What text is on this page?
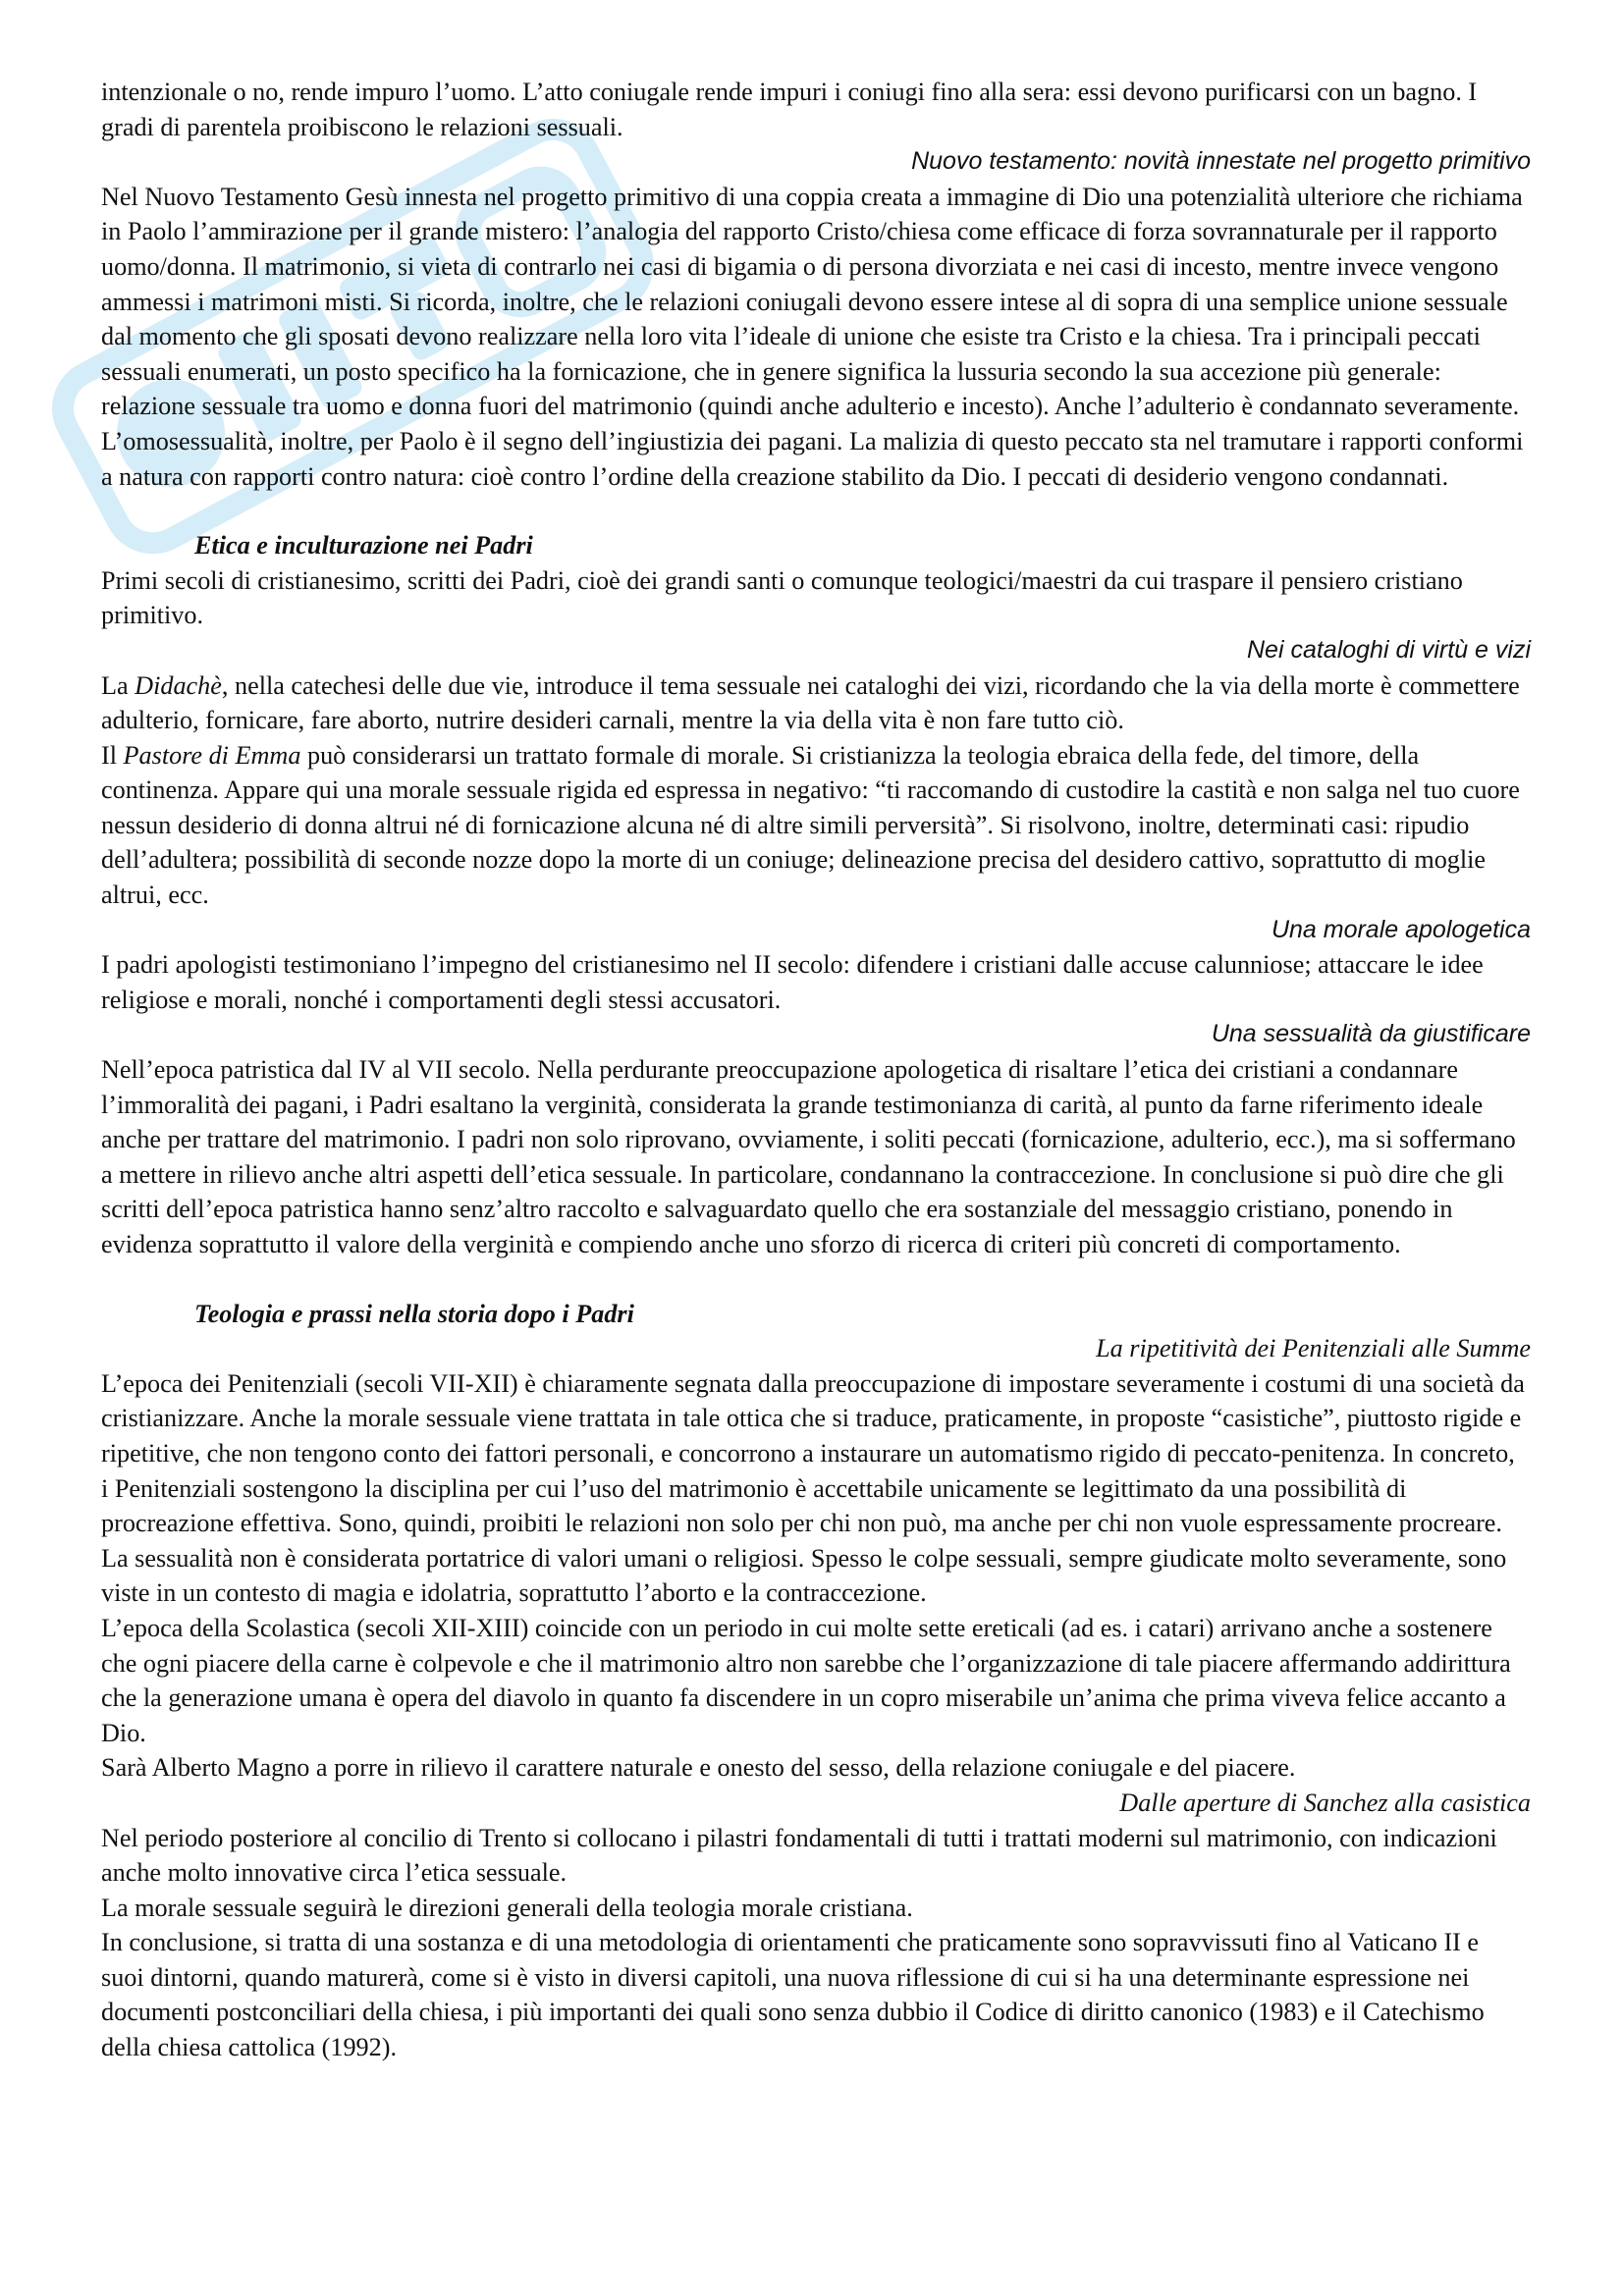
intenzionale o no, rende impuro l’uomo. L’atto coniugale rende impuri i coniugi fino alla sera: essi devono purificarsi con un bagno. I gradi di parentela proibiscono le relazioni sessuali.

Nuovo testamento: novità innestate nel progetto primitivo

Nel Nuovo Testamento Gesù innesta nel progetto primitivo di una coppia creata a immagine di Dio una potenzialità ulteriore che richiama in Paolo l’ammirazione per il grande mistero: l’analogia del rapporto Cristo/chiesa come efficace di forza sovrannaturale per il rapporto uomo/donna. Il matrimonio, si vieta di contrarlo nei casi di bigamia o di persona divorziata e nei casi di incesto, mentre invece vengono ammessi i matrimoni misti. Si ricorda, inoltre, che le relazioni coniugali devono essere intese al di sopra di una semplice unione sessuale dal momento che gli sposati devono realizzare nella loro vita l’ideale di unione che esiste tra Cristo e la chiesa. Tra i principali peccati sessuali enumerati, un posto specifico ha la fornicazione, che in genere significa la lussuria secondo la sua accezione più generale: relazione sessuale tra uomo e donna fuori del matrimonio (quindi anche adulterio e incesto). Anche l’adulterio è condannato severamente. L’omosessualità, inoltre, per Paolo è il segno dell’ingiustizia dei pagani. La malizia di questo peccato sta nel tramutare i rapporti conformi a natura con rapporti contro natura: cioè contro l’ordine della creazione stabilito da Dio. I peccati di desiderio vengono condannati.

Etica e inculturazione nei Padri

Primi secoli di cristianesimo, scritti dei Padri, cioè dei grandi santi o comunque teologici/maestri da cui traspare il pensiero cristiano primitivo.

Nei cataloghi di virtù e vizi

La Didachè, nella catechesi delle due vie, introduce il tema sessuale nei cataloghi dei vizi, ricordando che la via della morte è commettere adulterio, fornicare, fare aborto, nutrire desideri carnali, mentre la via della vita è non fare tutto ciò.

Il Pastore di Emma può considerarsi un trattato formale di morale. Si cristianizza la teologia ebraica della fede, del timore, della continenza. Appare qui una morale sessuale rigida ed espressa in negativo: “ti raccomando di custodire la castità e non salga nel tuo cuore nessun desiderio di donna altrui né di fornicazione alcuna né di altre simili perversità”. Si risolvono, inoltre, determinati casi: ripudio dell’adultera; possibilità di seconde nozze dopo la morte di un coniuge; delineazione precisa del desidero cattivo, soprattutto di moglie altrui, ecc.

Una morale apologetica

I padri apologisti testimoniano l’impegno del cristianesimo nel II secolo: difendere i cristiani dalle accuse calunniose; attaccare le idee religiose e morali, nonché i comportamenti degli stessi accusatori.

Una sessualità da giustificare

Nell’epoca patristica dal IV al VII secolo. Nella perdurante preoccupazione apologetica di risaltare l’etica dei cristiani a condannare l’immoralità dei pagani, i Padri esaltano la verginità, considerata la grande testimonianza di carità, al punto da farne riferimento ideale anche per trattare del matrimonio. I padri non solo riprovano, ovviamente, i soliti peccati (fornicazione, adulterio, ecc.), ma si soffermano a mettere in rilievo anche altri aspetti dell’etica sessuale. In particolare, condannano la contraccezione. In conclusione si può dire che gli scritti dell’epoca patristica hanno senz’altro raccolto e salvaguardato quello che era sostanziale del messaggio cristiano, ponendo in evidenza soprattutto il valore della verginità e compiendo anche uno sforzo di ricerca di criteri più concreti di comportamento.

Teologia e prassi nella storia dopo i Padri

La ripetitività dei Penitenziali alle Summe

L’epoca dei Penitenziali (secoli VII-XII) è chiaramente segnata dalla preoccupazione di impostare severamente i costumi di una società da cristianizzare. Anche la morale sessuale viene trattata in tale ottica che si traduce, praticamente, in proposte “casistiche”, piuttosto rigide e ripetitive, che non tengono conto dei fattori personali, e concorrono a instaurare un automatismo rigido di peccato-penitenza. In concreto, i Penitenziali sostengono la disciplina per cui l’uso del matrimonio è accettabile unicamente se legittimato da una possibilità di procreazione effettiva. Sono, quindi, proibiti le relazioni non solo per chi non può, ma anche per chi non vuole espressamente procreare. La sessualità non è considerata portatrice di valori umani o religiosi. Spesso le colpe sessuali, sempre giudicate molto severamente, sono viste in un contesto di magia e idolatria, soprattutto l’aborto e la contraccezione.

L’epoca della Scolastica (secoli XII-XIII) coincide con un periodo in cui molte sette ereticali (ad es. i catari) arrivano anche a sostenere che ogni piacere della carne è colpevole e che il matrimonio altro non sarebbe che l’organizzazione di tale piacere affermando addirittura che la generazione umana è opera del diavolo in quanto fa discendere in un copro miserabile un’anima che prima viveva felice accanto a Dio.

Sarà Alberto Magno a porre in rilievo il carattere naturale e onesto del sesso, della relazione coniugale e del piacere.

Dalle aperture di Sanchez alla casistica

Nel periodo posteriore al concilio di Trento si collocano i pilastri fondamentali di tutti i trattati moderni sul matrimonio, con indicazioni anche molto innovative circa l’etica sessuale.

La morale sessuale seguirà le direzioni generali della teologia morale cristiana.

In conclusione, si tratta di una sostanza e di una metodologia di orientamenti che praticamente sono sopravvissuti fino al Vaticano II e suoi dintorni, quando maturerà, come si è visto in diversi capitoli, una nuova riflessione di cui si ha una determinante espressione nei documenti postconciliari della chiesa, i più importanti dei quali sono senza dubbio il Codice di diritto canonico (1983) e il Catechismo della chiesa cattolica (1992).
